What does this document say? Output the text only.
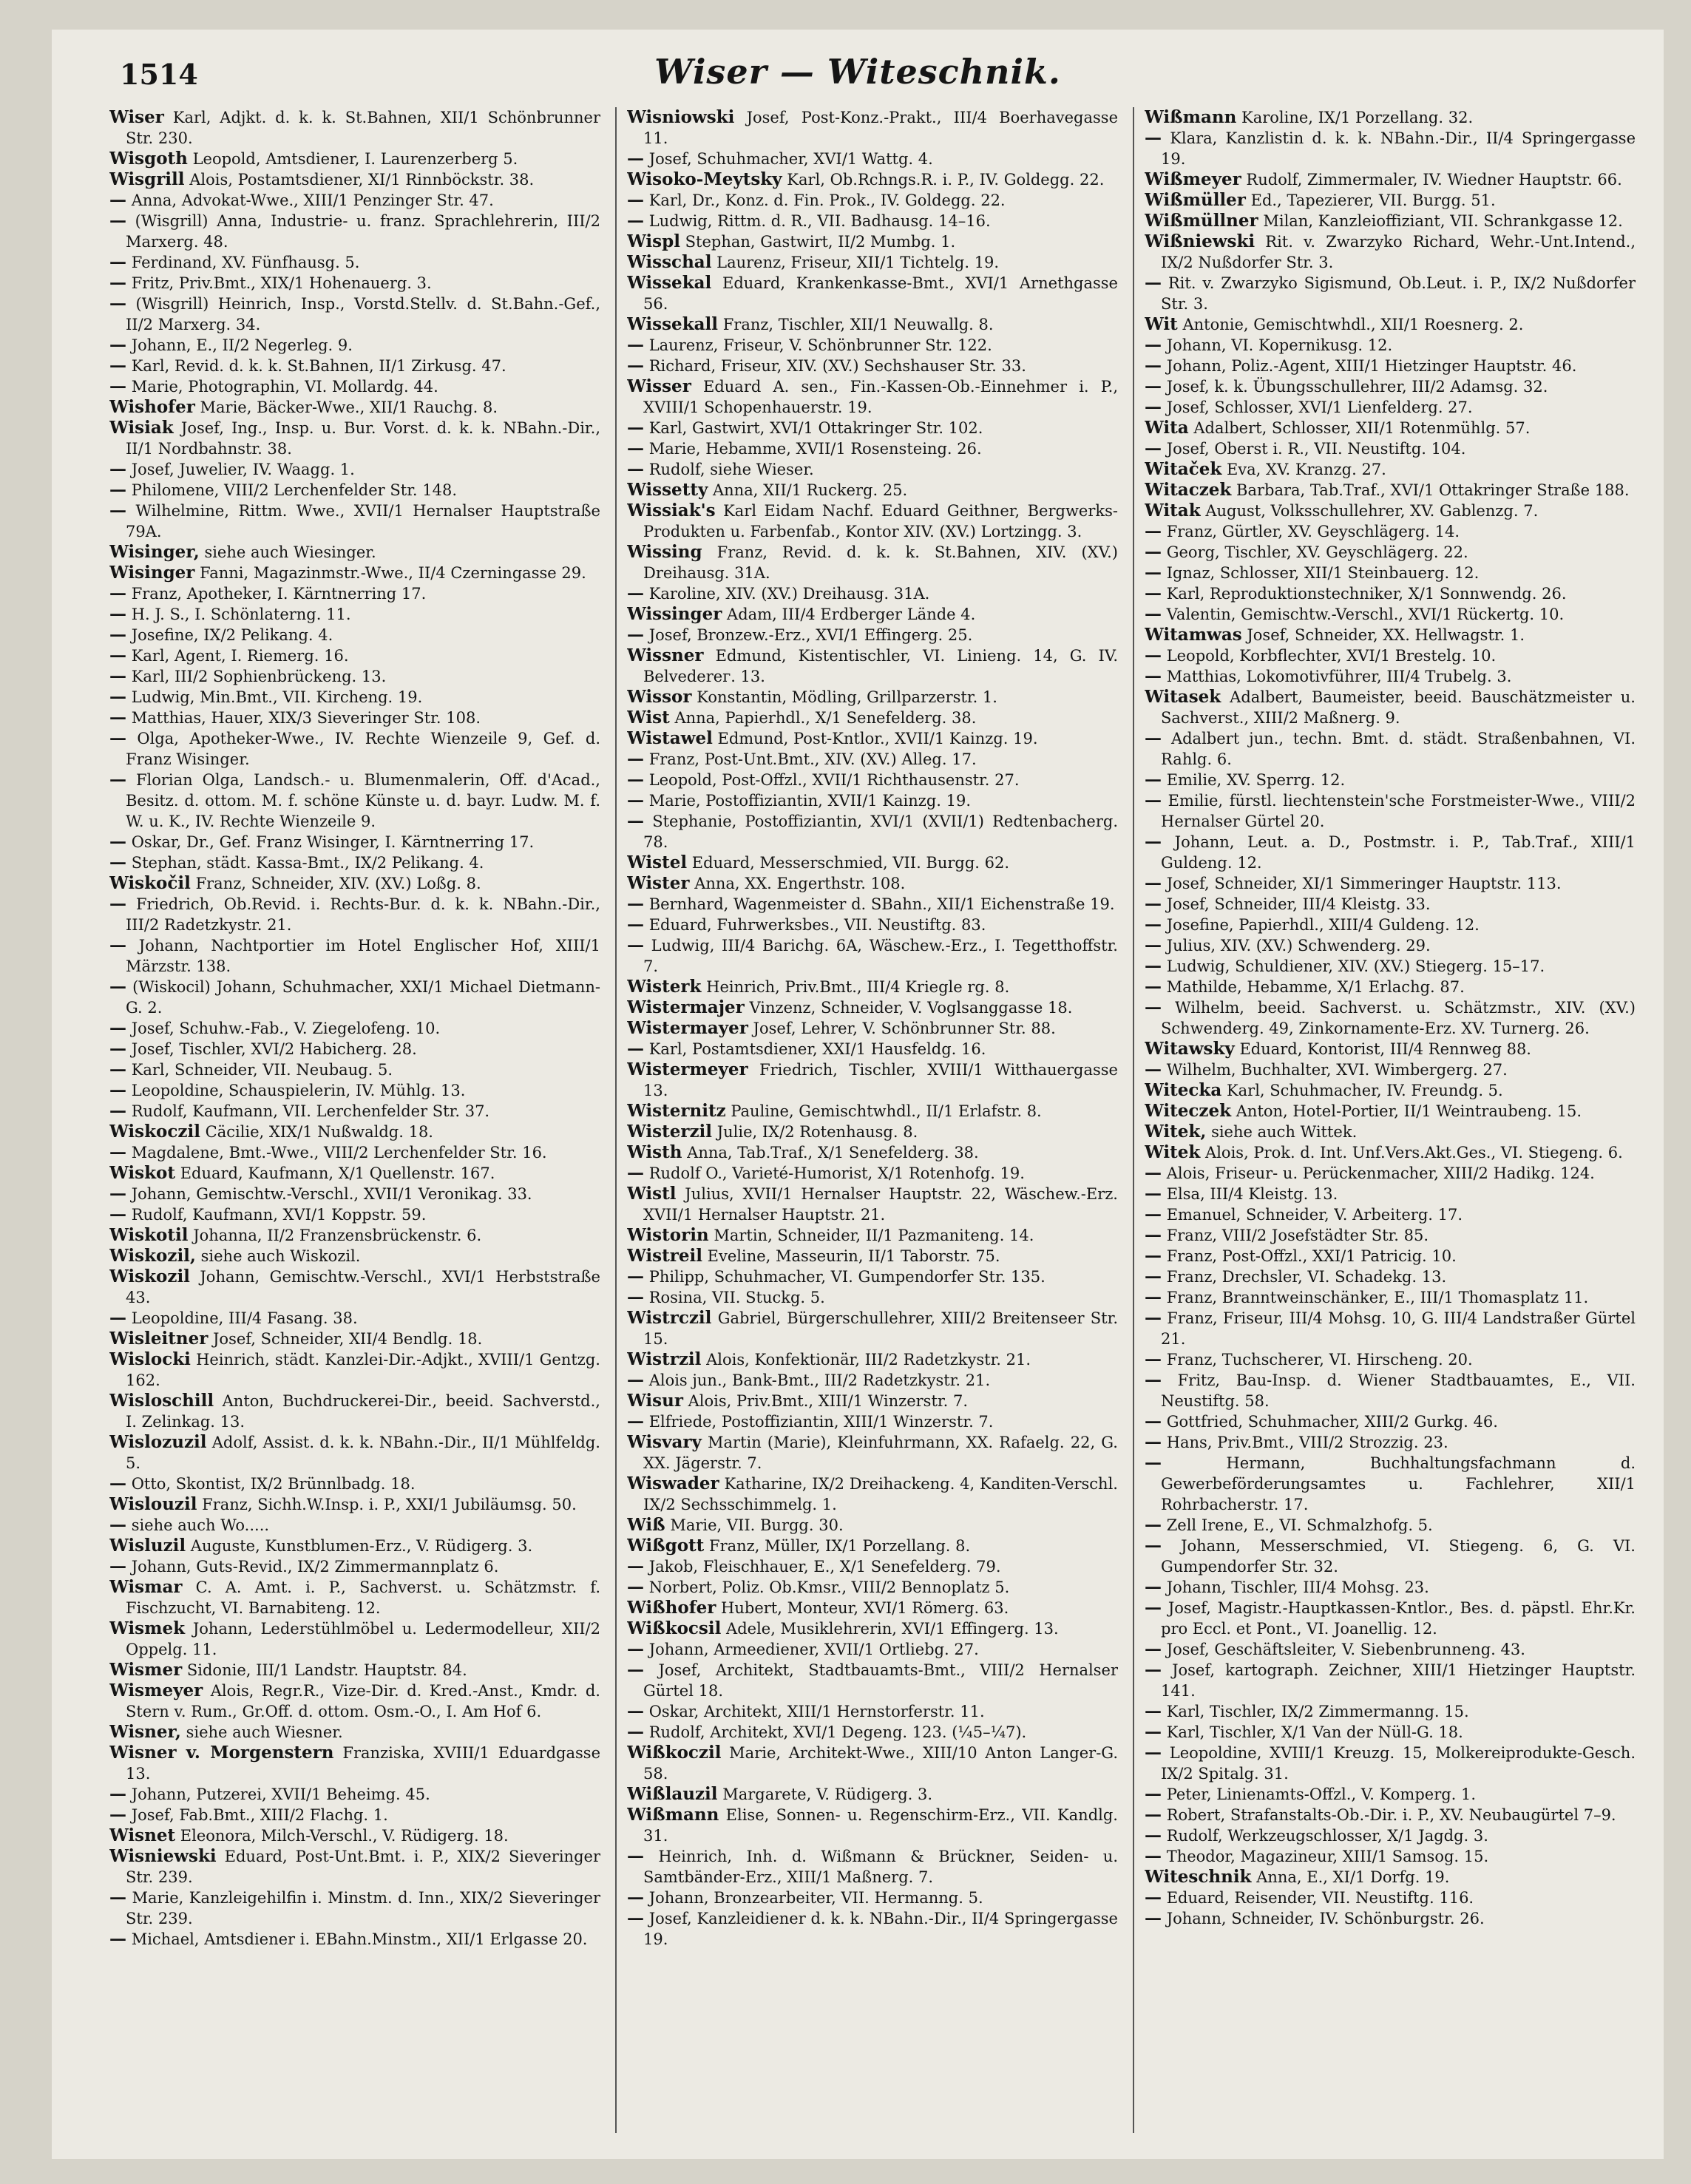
1514	Wiser — Witeschnik.

Wiser Karl, Adjkt. d. k. k. St.Bahnen, XII/1 Schönbrunner Str. 230.

Wisgoth Leopold, Amtsdiener, I. Laurenzerberg 5.

Wisgrill Alois, Postamtsdiener, XI/1 Rinnböckstr. 38.

— Anna, Advokat-Wwe., XIII/1 Penzinger Str. 47.

— (Wisgrill) Anna, Industrie- u. franz. Sprachlehrerin, III/2 Marxerg. 48.

— Ferdinand, XV. Fünfhausg. 5.

— Fritz, Priv.Bmt., XIX/1 Hohenauerg. 3.

— (Wisgrill) Heinrich, Insp., Vorstd.Stellv. d. St.Bahn.-Gef., II/2 Marxerg. 34.

— Johann, E., II/2 Negerleg. 9.

— Karl, Revid. d. k. k. St.Bahnen, II/1 Zirkusg. 47.

— Marie, Photographin, VI. Mollardg. 44.

Wishofer Marie, Bäcker-Wwe., XII/1 Rauchg. 8.

Wisiak Josef, Ing., Insp. u. Bur. Vorst. d. k. k. NBahn.-Dir., II/1 Nordbahnstr. 38.

— Josef, Juwelier, IV. Waagg. 1.

— Philomene, VIII/2 Lerchenfelder Str. 148.

— Wilhelmine, Rittm. Wwe., XVII/1 Hernalser Hauptstraße 79A.

Wisinger, siehe auch Wiesinger.

Wisinger Fanni, Magazinmstr.-Wwe., II/4 Czerningasse 29.

— Franz, Apotheker, I. Kärntnerring 17.

— H. J. S., I. Schönlaterng. 11.

— Josefine, IX/2 Pelikang. 4.

— Karl, Agent, I. Riemerg. 16.

— Karl, III/2 Sophienbrückeng. 13.

— Ludwig, Min.Bmt., VII. Kircheng. 19.

— Matthias, Hauer, XIX/3 Sieveringer Str. 108.

— Olga, Apotheker-Wwe., IV. Rechte Wienzeile 9, Gef. d. Franz Wisinger.

— Florian Olga, Landsch.- u. Blumenmalerin, Off. d'Acad., Besitz. d. ottom. M. f. schöne Künste u. d. bayr. Ludw. M. f. W. u. K., IV. Rechte Wienzeile 9.

— Oskar, Dr., Gef. Franz Wisinger, I. Kärntnerring 17.

— Stephan, städt. Kassa-Bmt., IX/2 Pelikang. 4.

Wiskočil Franz, Schneider, XIV. (XV.) Loßg. 8.

— Friedrich, Ob.Revid. i. Rechts-Bur. d. k. k. NBahn.-Dir., III/2 Radetzkystr. 21.

— Johann, Nachtportier im Hotel Englischer Hof, XIII/1 Märzstr. 138.

— (Wiskocil) Johann, Schuhmacher, XXI/1 Michael Dietmann-G. 2.

— Josef, Schuhw.-Fab., V. Ziegelofeng. 10.

— Josef, Tischler, XVI/2 Habicherg. 28.

— Karl, Schneider, VII. Neubaug. 5.

— Leopoldine, Schauspielerin, IV. Mühlg. 13.

— Rudolf, Kaufmann, VII. Lerchenfelder Str. 37.

Wiskoczil Cäcilie, XIX/1 Nußwaldg. 18.

— Magdalene, Bmt.-Wwe., VIII/2 Lerchenfelder Str. 16.

Wiskot Eduard, Kaufmann, X/1 Quellenstr. 167.

— Johann, Gemischtw.-Verschl., XVII/1 Veronikag. 33.

— Rudolf, Kaufmann, XVI/1 Koppstr. 59.

Wiskotil Johanna, II/2 Franzensbrückenstr. 6.

Wiskozil, siehe auch Wiskozil.

Wiskozil Johann, Gemischtw.-Verschl., XVI/1 Herbststraße 43.

— Leopoldine, III/4 Fasang. 38.

Wisleitner Josef, Schneider, XII/4 Bendlg. 18.

Wislocki Heinrich, städt. Kanzlei-Dir.-Adjkt., XVIII/1 Gentzg. 162.

Wisloschill Anton, Buchdruckerei-Dir., beeid. Sachverstd., I. Zelinkag. 13.

Wislozuzil Adolf, Assist. d. k. k. NBahn.-Dir., II/1 Mühlfeldg. 5.

— Otto, Skontist, IX/2 Brünnlbadg. 18.

Wislouzil Franz, Sichh.W.Insp. i. P., XXI/1 Jubiläumsg. 50.

— siehe auch Wo.....

Wisluzil Auguste, Kunstblumen-Erz., V. Rüdigerg. 3.

— Johann, Guts-Revid., IX/2 Zimmermannplatz 6.

Wismar C. A. Amt. i. P., Sachverst. u. Schätzmstr. f. Fischzucht, VI. Barnabiteng. 12.

Wismek Johann, Lederstühlmöbel u. Ledermodelleur, XII/2 Oppelg. 11.

Wismer Sidonie, III/1 Landstr. Hauptstr. 84.

Wismeyer Alois, Regr.R., Vize-Dir. d. Kred.-Anst., Kmdr. d. Stern v. Rum., Gr.Off. d. ottom. Osm.-O., I. Am Hof 6.

Wisner, siehe auch Wiesner.

Wisner v. Morgenstern Franziska, XVIII/1 Eduardgasse 13.

— Johann, Putzerei, XVII/1 Beheimg. 45.

— Josef, Fab.Bmt., XIII/2 Flachg. 1.

Wisnet Eleonora, Milch-Verschl., V. Rüdigerg. 18.

Wisniewski Eduard, Post-Unt.Bmt. i. P., XIX/2 Sieveringer Str. 239.

— Marie, Kanzleigehilfin i. Minstm. d. Inn., XIX/2 Sieveringer Str. 239.

— Michael, Amtsdiener i. EBahn.Minstm., XII/1 Erlgasse 20.

Wisniowski Josef, Post-Konz.-Prakt., III/4 Boerhavegasse 11.

— Josef, Schuhmacher, XVI/1 Wattg. 4.

Wisoko-Meytsky Karl, Ob.Rchngs.R. i. P., IV. Goldegg. 22.

— Karl, Dr., Konz. d. Fin. Prok., IV. Goldegg. 22.

— Ludwig, Rittm. d. R., VII. Badhausg. 14–16.

Wispl Stephan, Gastwirt, II/2 Mumbg. 1.

Wisschal Laurenz, Friseur, XII/1 Tichtelg. 19.

Wissekal Eduard, Krankenkasse-Bmt., XVI/1 Arnethgasse 56.

Wissekall Franz, Tischler, XII/1 Neuwallg. 8.

— Laurenz, Friseur, V. Schönbrunner Str. 122.

— Richard, Friseur, XIV. (XV.) Sechshauser Str. 33.

Wisser Eduard A. sen., Fin.-Kassen-Ob.-Einnehmer i. P., XVIII/1 Schopenhauerstr. 19.

— Karl, Gastwirt, XVI/1 Ottakringer Str. 102.

— Marie, Hebamme, XVII/1 Rosensteing. 26.

— Rudolf, siehe Wieser.

Wissetty Anna, XII/1 Ruckerg. 25.

Wissiak's Karl Eidam Nachf. Eduard Geithner, Bergwerks-Produkten u. Farbenfab., Kontor XIV. (XV.) Lortzingg. 3.

Wissing Franz, Revid. d. k. k. St.Bahnen, XIV. (XV.) Dreihausg. 31A.

— Karoline, XIV. (XV.) Dreihausg. 31A.

Wissinger Adam, III/4 Erdberger Lände 4.

— Josef, Bronzew.-Erz., XVI/1 Effingerg. 25.

Wissner Edmund, Kistentischler, VI. Linieng. 14, G. IV. Belvederег. 13.

Wissor Konstantin, Mödling, Grillparzerstr. 1.

Wist Anna, Papierhdl., X/1 Senefelderg. 38.

Wistawel Edmund, Post-Kntlor., XVII/1 Kainzg. 19.

— Franz, Post-Unt.Bmt., XIV. (XV.) Alleg. 17.

— Leopold, Post-Offzl., XVII/1 Richthausenstr. 27.

— Marie, Postoffiziantin, XVII/1 Kainzg. 19.

— Stephanie, Postoffiziantin, XVI/1 (XVII/1) Redtenbacherg. 78.

Wistel Eduard, Messerschmied, VII. Burgg. 62.

Wister Anna, XX. Engerthstr. 108.

— Bernhard, Wagenmeister d. SBahn., XII/1 Eichenstraße 19.

— Eduard, Fuhrwerksbes., VII. Neustiftg. 83.

— Ludwig, III/4 Barichg. 6A, Wäschew.-Erz., I. Tegetthoffstr. 7.

Wisterk Heinrich, Priv.Bmt., III/4 Kriegle rg. 8.

Wistermajer Vinzenz, Schneider, V. Voglsanggasse 18.

Wistermayer Josef, Lehrer, V. Schönbrunner Str. 88.

— Karl, Postamtsdiener, XXI/1 Hausfeldg. 16.

Wistermeyer Friedrich, Tischler, XVIII/1 Witthauergasse 13.

Wisternitz Pauline, Gemischtwhdl., II/1 Erlafstr. 8.

Wisterzil Julie, IX/2 Rotenhausg. 8.

Wisth Anna, Tab.Traf., X/1 Senefelderg. 38.

— Rudolf O., Varieté-Humorist, X/1 Rotenhofg. 19.

Wistl Julius, XVII/1 Hernalser Hauptstr. 22, Wäschew.-Erz. XVII/1 Hernalser Hauptstr. 21.

Wistorin Martin, Schneider, II/1 Pazmaniteng. 14.

Wistreil Eveline, Masseurin, II/1 Taborstr. 75.

— Philipp, Schuhmacher, VI. Gumpendorfer Str. 135.

— Rosina, VII. Stuckg. 5.

Wistrczil Gabriel, Bürgerschullehrer, XIII/2 Breitenseer Str. 15.

Wistrzil Alois, Konfektionär, III/2 Radetzkystr. 21.

— Alois jun., Bank-Bmt., III/2 Radetzkystr. 21.

Wisur Alois, Priv.Bmt., XIII/1 Winzerstr. 7.

— Elfriede, Postoffiziantin, XIII/1 Winzerstr. 7.

Wisvary Martin (Marie), Kleinfuhrmann, XX. Rafaelg. 22, G. XX. Jägerstr. 7.

Wiswader Katharine, IX/2 Dreihackeng. 4, Kanditen-Verschl. IX/2 Sechsschimmelg. 1.

Wiß Marie, VII. Burgg. 30.

Wißgott Franz, Müller, IX/1 Porzellang. 8.

— Jakob, Fleischhauer, E., X/1 Senefelderg. 79.

— Norbert, Poliz. Ob.Kmsr., VIII/2 Bennoplatz 5.

Wißhofer Hubert, Monteur, XVI/1 Römerg. 63.

Wißkocsil Adele, Musiklehrerin, XVI/1 Effingerg. 13.

— Johann, Armeediener, XVII/1 Ortliebg. 27.

— Josef, Architekt, Stadtbauamts-Bmt., VIII/2 Hernalser Gürtel 18.

— Oskar, Architekt, XIII/1 Hernstorferstr. 11.

— Rudolf, Architekt, XVI/1 Degeng. 123. (¼5–¼7).

Wißkoczil Marie, Architekt-Wwe., XIII/10 Anton Langer-G. 58.

Wißlauzil Margarete, V. Rüdigerg. 3.

Wißmann Elise, Sonnen- u. Regenschirm-Erz., VII. Kandlg. 31.

— Heinrich, Inh. d. Wißmann & Brückner, Seiden- u. Samtbänder-Erz., XIII/1 Maßnerg. 7.

— Johann, Bronzearbeiter, VII. Hermanng. 5.

— Josef, Kanzleidiener d. k. k. NBahn.-Dir., II/4 Springergasse 19.

Wißmann Karoline, IX/1 Porzellang. 32.

— Klara, Kanzlistin d. k. k. NBahn.-Dir., II/4 Springergasse 19.

Wißmeyer Rudolf, Zimmermaler, IV. Wiedner Hauptstr. 66.

Wißmüller Ed., Tapezierer, VII. Burgg. 51.

Wißmüllner Milan, Kanzleioffiziant, VII. Schrankgasse 12.

Wißniewski Rit. v. Zwarzyko Richard, Wehr.-Unt.Intend., IX/2 Nußdorfer Str. 3.

— Rit. v. Zwarzyko Sigismund, Ob.Leut. i. P., IX/2 Nußdorfer Str. 3.

Wit Antonie, Gemischtwhdl., XII/1 Roesnerg. 2.

— Johann, VI. Kopernikusg. 12.

— Johann, Poliz.-Agent, XIII/1 Hietzinger Hauptstr. 46.

— Josef, k. k. Übungsschullehrer, III/2 Adamsg. 32.

— Josef, Schlosser, XVI/1 Lienfelderg. 27.

Wita Adalbert, Schlosser, XII/1 Rotenmühlg. 57.

— Josef, Oberst i. R., VII. Neustiftg. 104.

Witaček Eva, XV. Kranzg. 27.

Witaczek Barbara, Tab.Traf., XVI/1 Ottakringer Straße 188.

Witak August, Volksschullehrer, XV. Gablenzg. 7.

— Franz, Gürtler, XV. Geyschlägerg. 14.

— Georg, Tischler, XV. Geyschlägerg. 22.

— Ignaz, Schlosser, XII/1 Steinbauerg. 12.

— Karl, Reproduktionstechniker, X/1 Sonnwendg. 26.

— Valentin, Gemischtw.-Verschl., XVI/1 Rückertg. 10.

Witamwas Josef, Schneider, XX. Hellwagstr. 1.

— Leopold, Korbflechter, XVI/1 Brestelg. 10.

— Matthias, Lokomotivführer, III/4 Trubelg. 3.

Witasek Adalbert, Baumeister, beeid. Bauschätzmeister u. Sachverst., XIII/2 Maßnerg. 9.

— Adalbert jun., techn. Bmt. d. städt. Straßenbahnen, VI. Rahlg. 6.

— Emilie, XV. Sperrg. 12.

— Emilie, fürstl. liechtenstein'sche Forstmeister-Wwe., VIII/2 Hernalser Gürtel 20.

— Johann, Leut. a. D., Postmstr. i. P., Tab.Traf., XIII/1 Guldeng. 12.

— Josef, Schneider, XI/1 Simmeringer Hauptstr. 113.

— Josef, Schneider, III/4 Kleistg. 33.

— Josefine, Papierhdl., XIII/4 Guldeng. 12.

— Julius, XIV. (XV.) Schwenderg. 29.

— Ludwig, Schuldiener, XIV. (XV.) Stiegerg. 15–17.

— Mathilde, Hebamme, X/1 Erlachg. 87.

— Wilhelm, beeid. Sachverst. u. Schätzmstr., XIV. (XV.) Schwenderg. 49, Zinkornamente-Erz. XV. Turnerg. 26.

Witawsky Eduard, Kontorist, III/4 Rennweg 88.

— Wilhelm, Buchhalter, XVI. Wimbergerg. 27.

Witecka Karl, Schuhmacher, IV. Freundg. 5.

Witeczek Anton, Hotel-Portier, II/1 Weintraubeng. 15.

Witek, siehe auch Wittek.

Witek Alois, Prok. d. Int. Unf.Vers.Akt.Ges., VI. Stiegeng. 6.

— Alois, Friseur- u. Perückenmacher, XIII/2 Hadikg. 124.

— Elsa, III/4 Kleistg. 13.

— Emanuel, Schneider, V. Arbeiterg. 17.

— Franz, VIII/2 Josefstädter Str. 85.

— Franz, Post-Offzl., XXI/1 Patricig. 10.

— Franz, Drechsler, VI. Schadekg. 13.

— Franz, Branntweinschänker, E., III/1 Thomasplatz 11.

— Franz, Friseur, III/4 Mohsg. 10, G. III/4 Landstraßer Gürtel 21.

— Franz, Tuchscherer, VI. Hirscheng. 20.

— Fritz, Bau-Insp. d. Wiener Stadtbauamtes, E., VII. Neustiftg. 58.

— Gottfried, Schuhmacher, XIII/2 Gurkg. 46.

— Hans, Priv.Bmt., VIII/2 Strozzig. 23.

—	Hermann, Buchhaltungsfachmann d. Gewerbeförderungsamtes u. Fachlehrer, XII/1 Rohrbacherstr. 17.

— Zell Irene, E., VI. Schmalzhofg. 5.

— Johann, Messerschmied, VI. Stiegeng. 6, G. VI. Gumpendorfer Str. 32.

— Johann, Tischler, III/4 Mohsg. 23.

— Josef, Magistr.-Hauptkassen-Kntlor., Bes. d. päpstl. Ehr.Kr. pro Eccl. et Pont., VI. Joanellig. 12.

— Josef, Geschäftsleiter, V. Siebenbrunneng. 43.

— Josef, kartograph. Zeichner, XIII/1 Hietzinger Hauptstr. 141.

— Karl, Tischler, IX/2 Zimmermanng. 15.

— Karl, Tischler, X/1 Van der Nüll-G. 18.

— Leopoldine, XVIII/1 Kreuzg. 15, Molkereiprodukte-Gesch. IX/2 Spitalg. 31.

— Peter, Linienamts-Offzl., V. Komperg. 1.

— Robert, Strafanstalts-Ob.-Dir. i. P., XV. Neubaugürtel 7–9.

— Rudolf, Werkzeugschlosser, X/1 Jagdg. 3.

— Theodor, Magazineur, XIII/1 Samsog. 15.

Witeschnik Anna, E., XI/1 Dorfg. 19.

— Eduard, Reisender, VII. Neustiftg. 116.

— Johann, Schneider, IV. Schönburgstr. 26.
